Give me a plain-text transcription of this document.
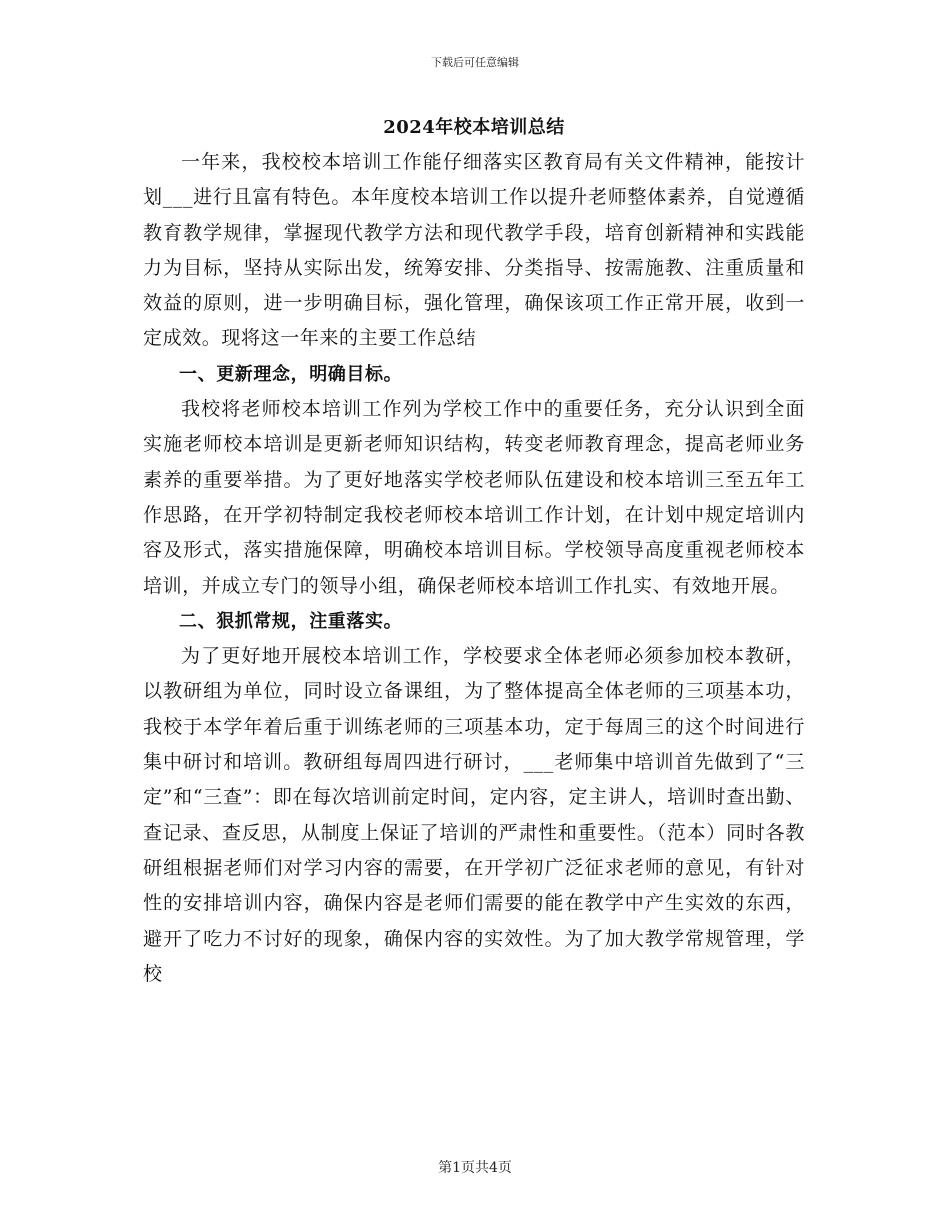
下载后可任意编辑
2024年校本培训总结

一年来，我校校本培训工作能仔细落实区教育局有关文件精神，能按计划___进行且富有特色。本年度校本培训工作以提升老师整体素养，自觉遵循教育教学规律，掌握现代教学方法和现代教学手段，培育创新精神和实践能力为目标，坚持从实际出发，统筹安排、分类指导、按需施教、注重质量和效益的原则，进一步明确目标，强化管理，确保该项工作正常开展，收到一定成效。现将这一年来的主要工作总结

一、更新理念，明确目标。

我校将老师校本培训工作列为学校工作中的重要任务，充分认识到全面实施老师校本培训是更新老师知识结构，转变老师教育理念，提高老师业务素养的重要举措。为了更好地落实学校老师队伍建设和校本培训三至五年工作思路，在开学初特制定我校老师校本培训工作计划，在计划中规定培训内容及形式，落实措施保障，明确校本培训目标。学校领导高度重视老师校本培训，并成立专门的领导小组，确保老师校本培训工作扎实、有效地开展。

二、狠抓常规，注重落实。

为了更好地开展校本培训工作，学校要求全体老师必须参加校本教研，以教研组为单位，同时设立备课组，为了整体提高全体老师的三项基本功，我校于本学年着后重于训练老师的三项基本功，定于每周三的这个时间进行集中研讨和培训。教研组每周四进行研讨，___老师集中培训首先做到了“三定”和“三查”：即在每次培训前定时间，定内容，定主讲人，培训时查出勤、查记录、查反思，从制度上保证了培训的严肃性和重要性。（范本）同时各教研组根据老师们对学习内容的需要，在开学初广泛征求老师的意见，有针对性的安排培训内容，确保内容是老师们需要的能在教学中产生实效的东西，避开了吃力不讨好的现象，确保内容的实效性。为了加大教学常规管理，学校

第1页共4页
